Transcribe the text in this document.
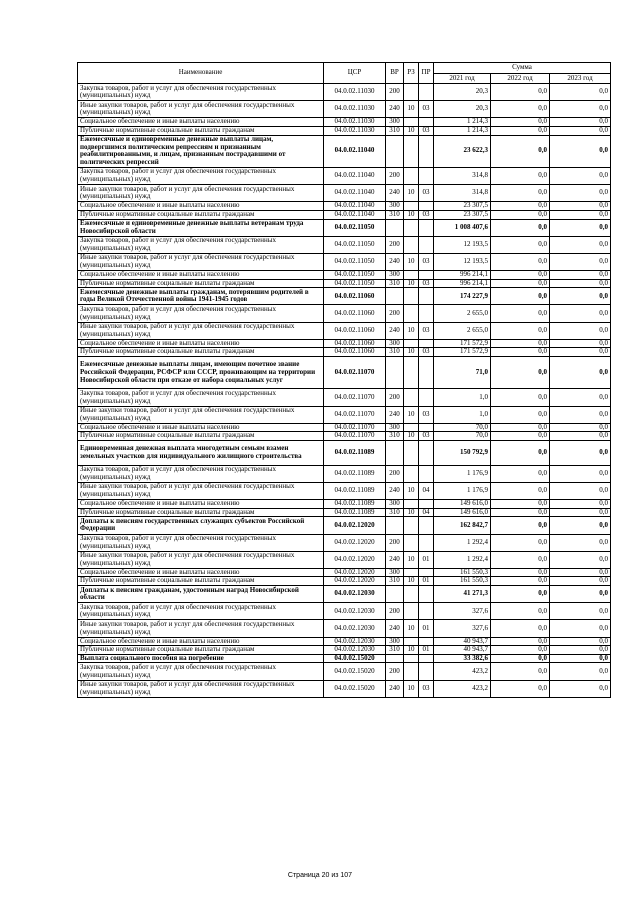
Наименование	ЦСР	ВР	РЗ	ПР	Сумма		
					2021 год	2022 год	2023 год
Закупка товаров, работ и услуг для обеспечения государственных (муниципальных) нужд	04.0.02.11030	200			20,3	0,0	0,0
Иные закупки товаров, работ и услуг для обеспечения государственных (муниципальных) нужд	04.0.02.11030	240	10	03	20,3	0,0	0,0
Социальное обеспечение и иные выплаты населению	04.0.02.11030	300			1 214,3	0,0	0,0
Публичные нормативные социальные выплаты гражданам	04.0.02.11030	310	10	03	1 214,3	0,0	0,0
Ежемесячные и единовременные денежные выплаты лицам, подвергшимся политическим репрессиям и признанным реабилитированными, и лицам, признанным пострадавшими от политических репрессий	04.0.02.11040				23 622,3	0,0	0,0
Закупка товаров, работ и услуг для обеспечения государственных (муниципальных) нужд	04.0.02.11040	200			314,8	0,0	0,0
Иные закупки товаров, работ и услуг для обеспечения государственных (муниципальных) нужд	04.0.02.11040	240	10	03	314,8	0,0	0,0
Социальное обеспечение и иные выплаты населению	04.0.02.11040	300			23 307,5	0,0	0,0
Публичные нормативные социальные выплаты гражданам	04.0.02.11040	310	10	03	23 307,5	0,0	0,0
Ежемесячные и единовременные денежные выплаты ветеранам труда Новосибирской области	04.0.02.11050				1 008 407,6	0,0	0,0
Закупка товаров, работ и услуг для обеспечения государственных (муниципальных) нужд	04.0.02.11050	200			12 193,5	0,0	0,0
Иные закупки товаров, работ и услуг для обеспечения государственных (муниципальных) нужд	04.0.02.11050	240	10	03	12 193,5	0,0	0,0
Социальное обеспечение и иные выплаты населению	04.0.02.11050	300			996 214,1	0,0	0,0
Публичные нормативные социальные выплаты гражданам	04.0.02.11050	310	10	03	996 214,1	0,0	0,0
Ежемесячные денежные выплаты гражданам, потерявшим родителей в годы Великой Отечественной войны 1941-1945 годов	04.0.02.11060				174 227,9	0,0	0,0
Закупка товаров, работ и услуг для обеспечения государственных (муниципальных) нужд	04.0.02.11060	200			2 655,0	0,0	0,0
Иные закупки товаров, работ и услуг для обеспечения государственных (муниципальных) нужд	04.0.02.11060	240	10	03	2 655,0	0,0	0,0
Социальное обеспечение и иные выплаты населению	04.0.02.11060	300			171 572,9	0,0	0,0
Публичные нормативные социальные выплаты гражданам	04.0.02.11060	310	10	03	171 572,9	0,0	0,0
Ежемесячные денежные выплаты лицам, имеющим почетное звание Российской Федерации, РСФСР или СССР, проживающим на территории Новосибирской области при отказе от набора социальных услуг	04.0.02.11070				71,0	0,0	0,0
Закупка товаров, работ и услуг для обеспечения государственных (муниципальных) нужд	04.0.02.11070	200			1,0	0,0	0,0
Иные закупки товаров, работ и услуг для обеспечения государственных (муниципальных) нужд	04.0.02.11070	240	10	03	1,0	0,0	0,0
Социальное обеспечение и иные выплаты населению	04.0.02.11070	300			70,0	0,0	0,0
Публичные нормативные социальные выплаты гражданам	04.0.02.11070	310	10	03	70,0	0,0	0,0
Единовременная денежная выплата многодетным семьям взамен земельных участков для индивидуального жилищного строительства	04.0.02.11089				150 792,9	0,0	0,0
Закупка товаров, работ и услуг для обеспечения государственных (муниципальных) нужд	04.0.02.11089	200			1 176,9	0,0	0,0
Иные закупки товаров, работ и услуг для обеспечения государственных (муниципальных) нужд	04.0.02.11089	240	10	04	1 176,9	0,0	0,0
Социальное обеспечение и иные выплаты населению	04.0.02.11089	300			149 616,0	0,0	0,0
Публичные нормативные социальные выплаты гражданам	04.0.02.11089	310	10	04	149 616,0	0,0	0,0
Доплаты к пенсиям государственных служащих субъектов Российской Федерации	04.0.02.12020				162 842,7	0,0	0,0
Закупка товаров, работ и услуг для обеспечения государственных (муниципальных) нужд	04.0.02.12020	200			1 292,4	0,0	0,0
Иные закупки товаров, работ и услуг для обеспечения государственных (муниципальных) нужд	04.0.02.12020	240	10	01	1 292,4	0,0	0,0
Социальное обеспечение и иные выплаты населению	04.0.02.12020	300			161 550,3	0,0	0,0
Публичные нормативные социальные выплаты гражданам	04.0.02.12020	310	10	01	161 550,3	0,0	0,0
Доплаты к пенсиям гражданам, удостоенным наград Новосибирской области	04.0.02.12030				41 271,3	0,0	0,0
Закупка товаров, работ и услуг для обеспечения государственных (муниципальных) нужд	04.0.02.12030	200			327,6	0,0	0,0
Иные закупки товаров, работ и услуг для обеспечения государственных (муниципальных) нужд	04.0.02.12030	240	10	01	327,6	0,0	0,0
Социальное обеспечение и иные выплаты населению	04.0.02.12030	300			40 943,7	0,0	0,0
Публичные нормативные социальные выплаты гражданам	04.0.02.12030	310	10	01	40 943,7	0,0	0,0
Выплата социального пособия на погребение	04.0.02.15020				33 382,6	0,0	0,0
Закупка товаров, работ и услуг для обеспечения государственных (муниципальных) нужд	04.0.02.15020	200			423,2	0,0	0,0
Иные закупки товаров, работ и услуг для обеспечения государственных (муниципальных) нужд	04.0.02.15020	240	10	03	423,2	0,0	0,0
Страница 20 из 107
